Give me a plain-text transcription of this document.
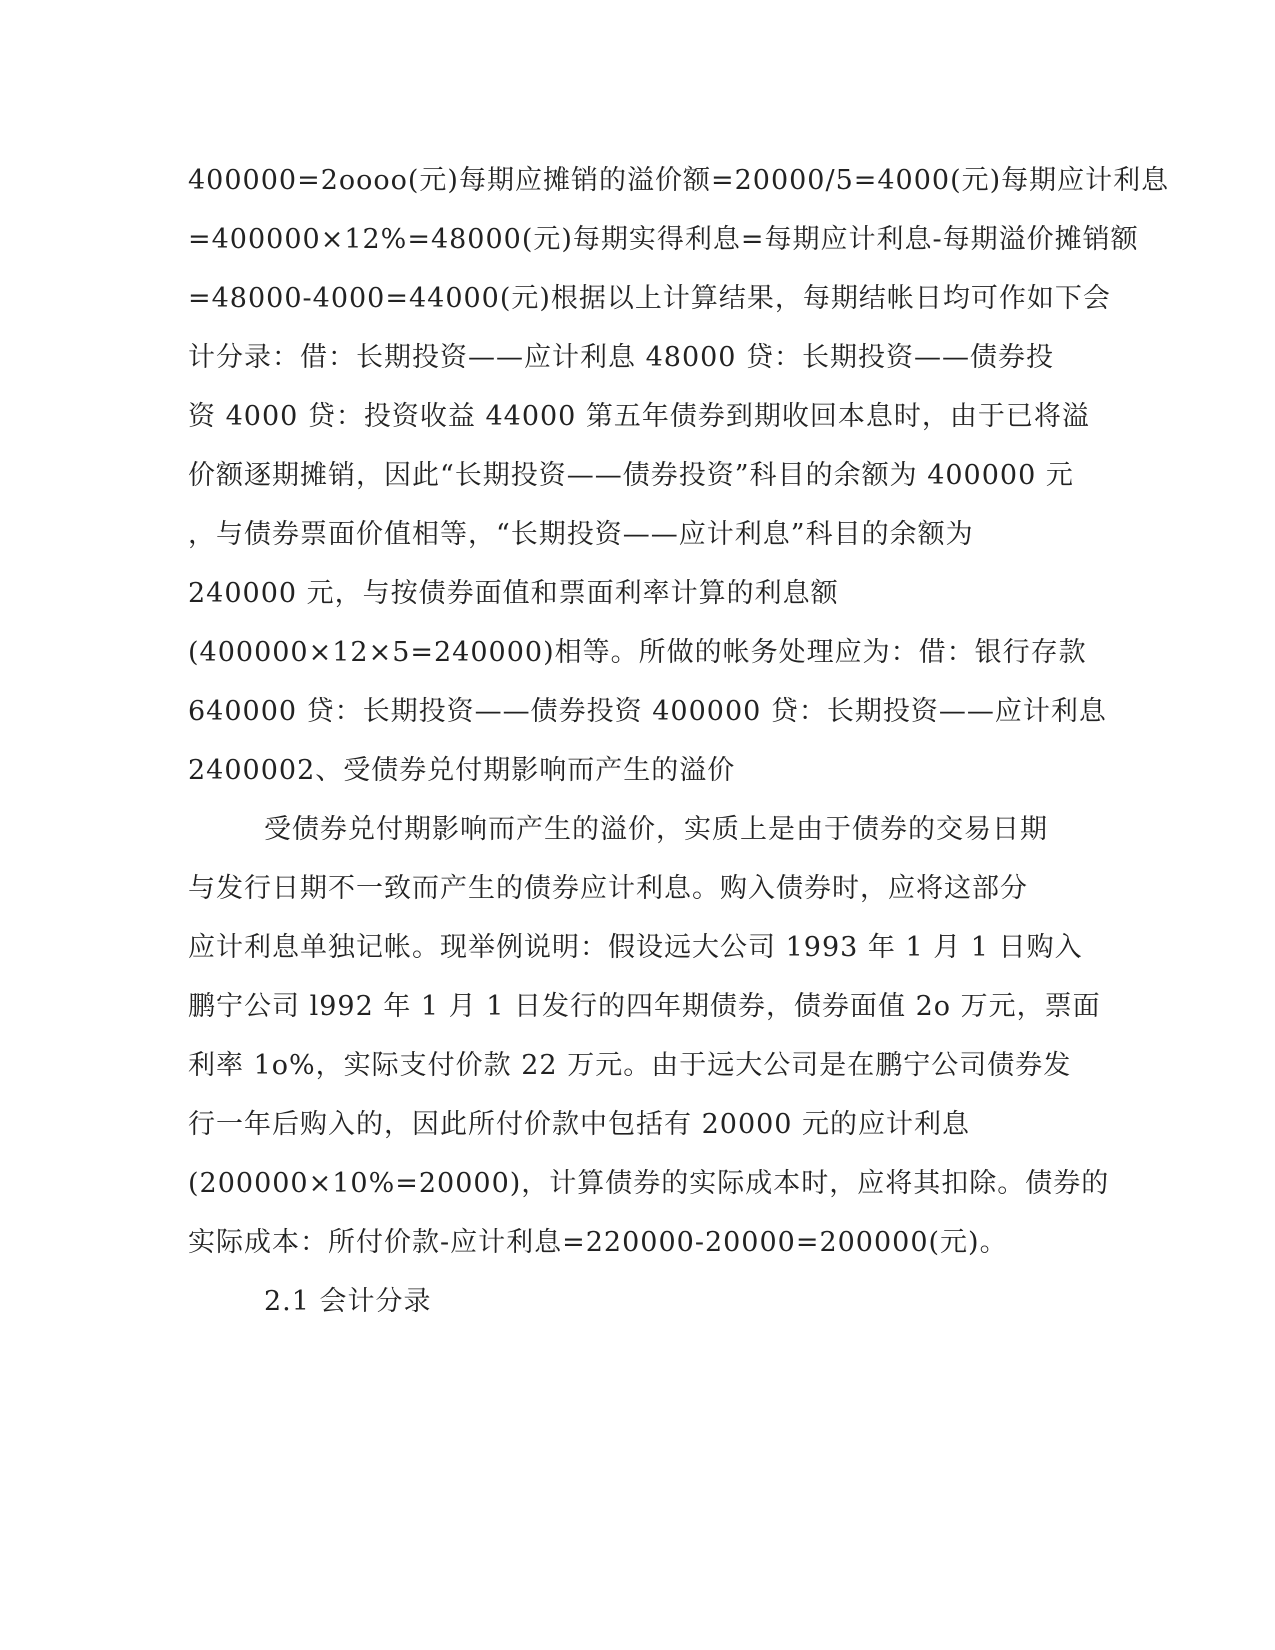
400000=2oooo(元)每期应摊销的溢价额=20000/5=4000(元)每期应计利息
=400000×12%=48000(元)每期实得利息=每期应计利息-每期溢价摊销额
=48000-4000=44000(元)根据以上计算结果，每期结帐日均可作如下会
计分录：借：长期投资——应计利息 48000 贷：长期投资——债券投
资 4000 贷：投资收益 44000 第五年债券到期收回本息时，由于已将溢
价额逐期摊销，因此“长期投资——债券投资”科目的余额为 400000 元
，与债券票面价值相等，“长期投资——应计利息”科目的余额为
240000 元，与按债券面值和票面利率计算的利息额
(400000×12×5=240000)相等。所做的帐务处理应为：借：银行存款
640000 贷：长期投资——债券投资 400000 贷：长期投资——应计利息
2400002、受债券兑付期影响而产生的溢价
受债券兑付期影响而产生的溢价，实质上是由于债券的交易日期
与发行日期不一致而产生的债券应计利息。购入债券时，应将这部分
应计利息单独记帐。现举例说明：假设远大公司 1993 年 1 月 1 日购入
鹏宁公司 l992 年 1 月 1 日发行的四年期债券，债券面值 2o 万元，票面
利率 1o%，实际支付价款 22 万元。由于远大公司是在鹏宁公司债券发
行一年后购入的，因此所付价款中包括有 20000 元的应计利息
(200000×10%=20000)，计算债券的实际成本时，应将其扣除。债券的
实际成本：所付价款-应计利息=220000-20000=200000(元)。
2.1 会计分录
